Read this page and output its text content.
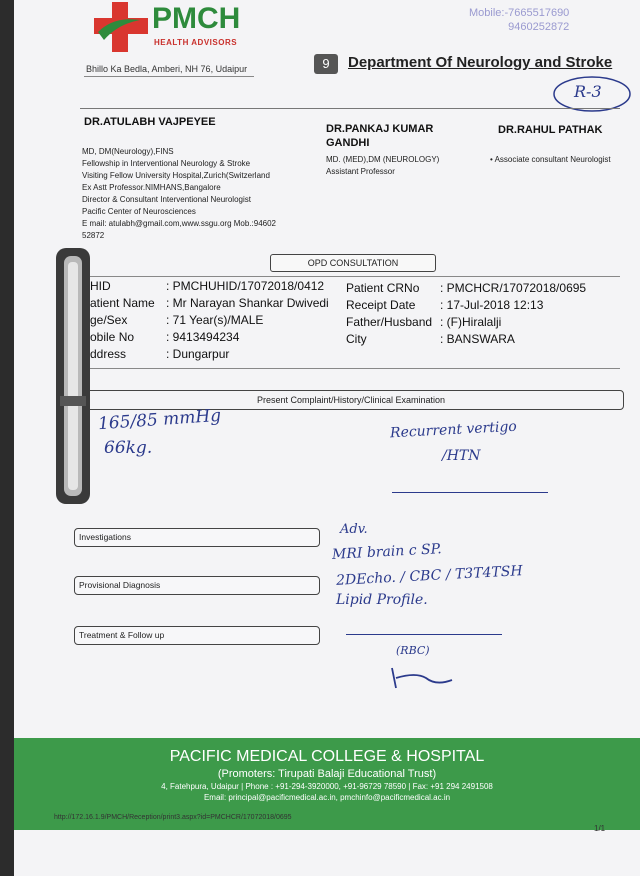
PMCH
HEALTH ADVISORS
Bhillo Ka Bedla, Amberi, NH 76, Udaipur
Mobile:-7665517690
9460252872
9	Department Of Neurology and Stroke
R-3
DR.ATULABH VAJPEYEE
MD, DM(Neurology),FINS
Fellowship in Interventional Neurology & Stroke
Visiting Fellow University Hospital,Zurich(Switzerland
Ex Astt Professor.NIMHANS,Bangalore
Director & Consultant Interventional Neurologist
Pacific Center of Neurosciences
E mail: atulabh@gmail.com,www.ssgu.org Mob.:94602
52872
DR.PANKAJ KUMAR
GANDHI
MD. (MED),DM (NEUROLOGY)
Assistant Professor
DR.RAHUL PATHAK
• Associate consultant Neurologist
OPD CONSULTATION
HID
atient Name
ge/Sex
obile No
ddress
: PMCHUHID/17072018/0412
: Mr Narayan Shankar Dwivedi
: 71 Year(s)/MALE
: 9413494234
: Dungarpur
Patient CRNo
Receipt Date
Father/Husband
City
: PMCHCR/17072018/0695
: 17-Jul-2018 12:13
: (F)Hiralalji
: BANSWARA
Present Complaint/History/Clinical Examination
165/85 mmHg
66kg.
Recurrent vertigo
/HTN
Investigations
Provisional Diagnosis
Treatment & Follow up
Adv.
MRI brain c SP.
2DEcho. / CBC / T3T4TSH
Lipid Profile.
(RBC)
PACIFIC MEDICAL COLLEGE & HOSPITAL
(Promoters: Tirupati Balaji Educational Trust)
4, Fatehpura, Udaipur | Phone : +91-294-3920000, +91-96729 78590 | Fax: +91 294 2491508
Email: principal@pacificmedical.ac.in, pmchinfo@pacificmedical.ac.in
http://172.16.1.9/PMCH/Reception/print3.aspx?id=PMCHCR/17072018/0695
1/1
